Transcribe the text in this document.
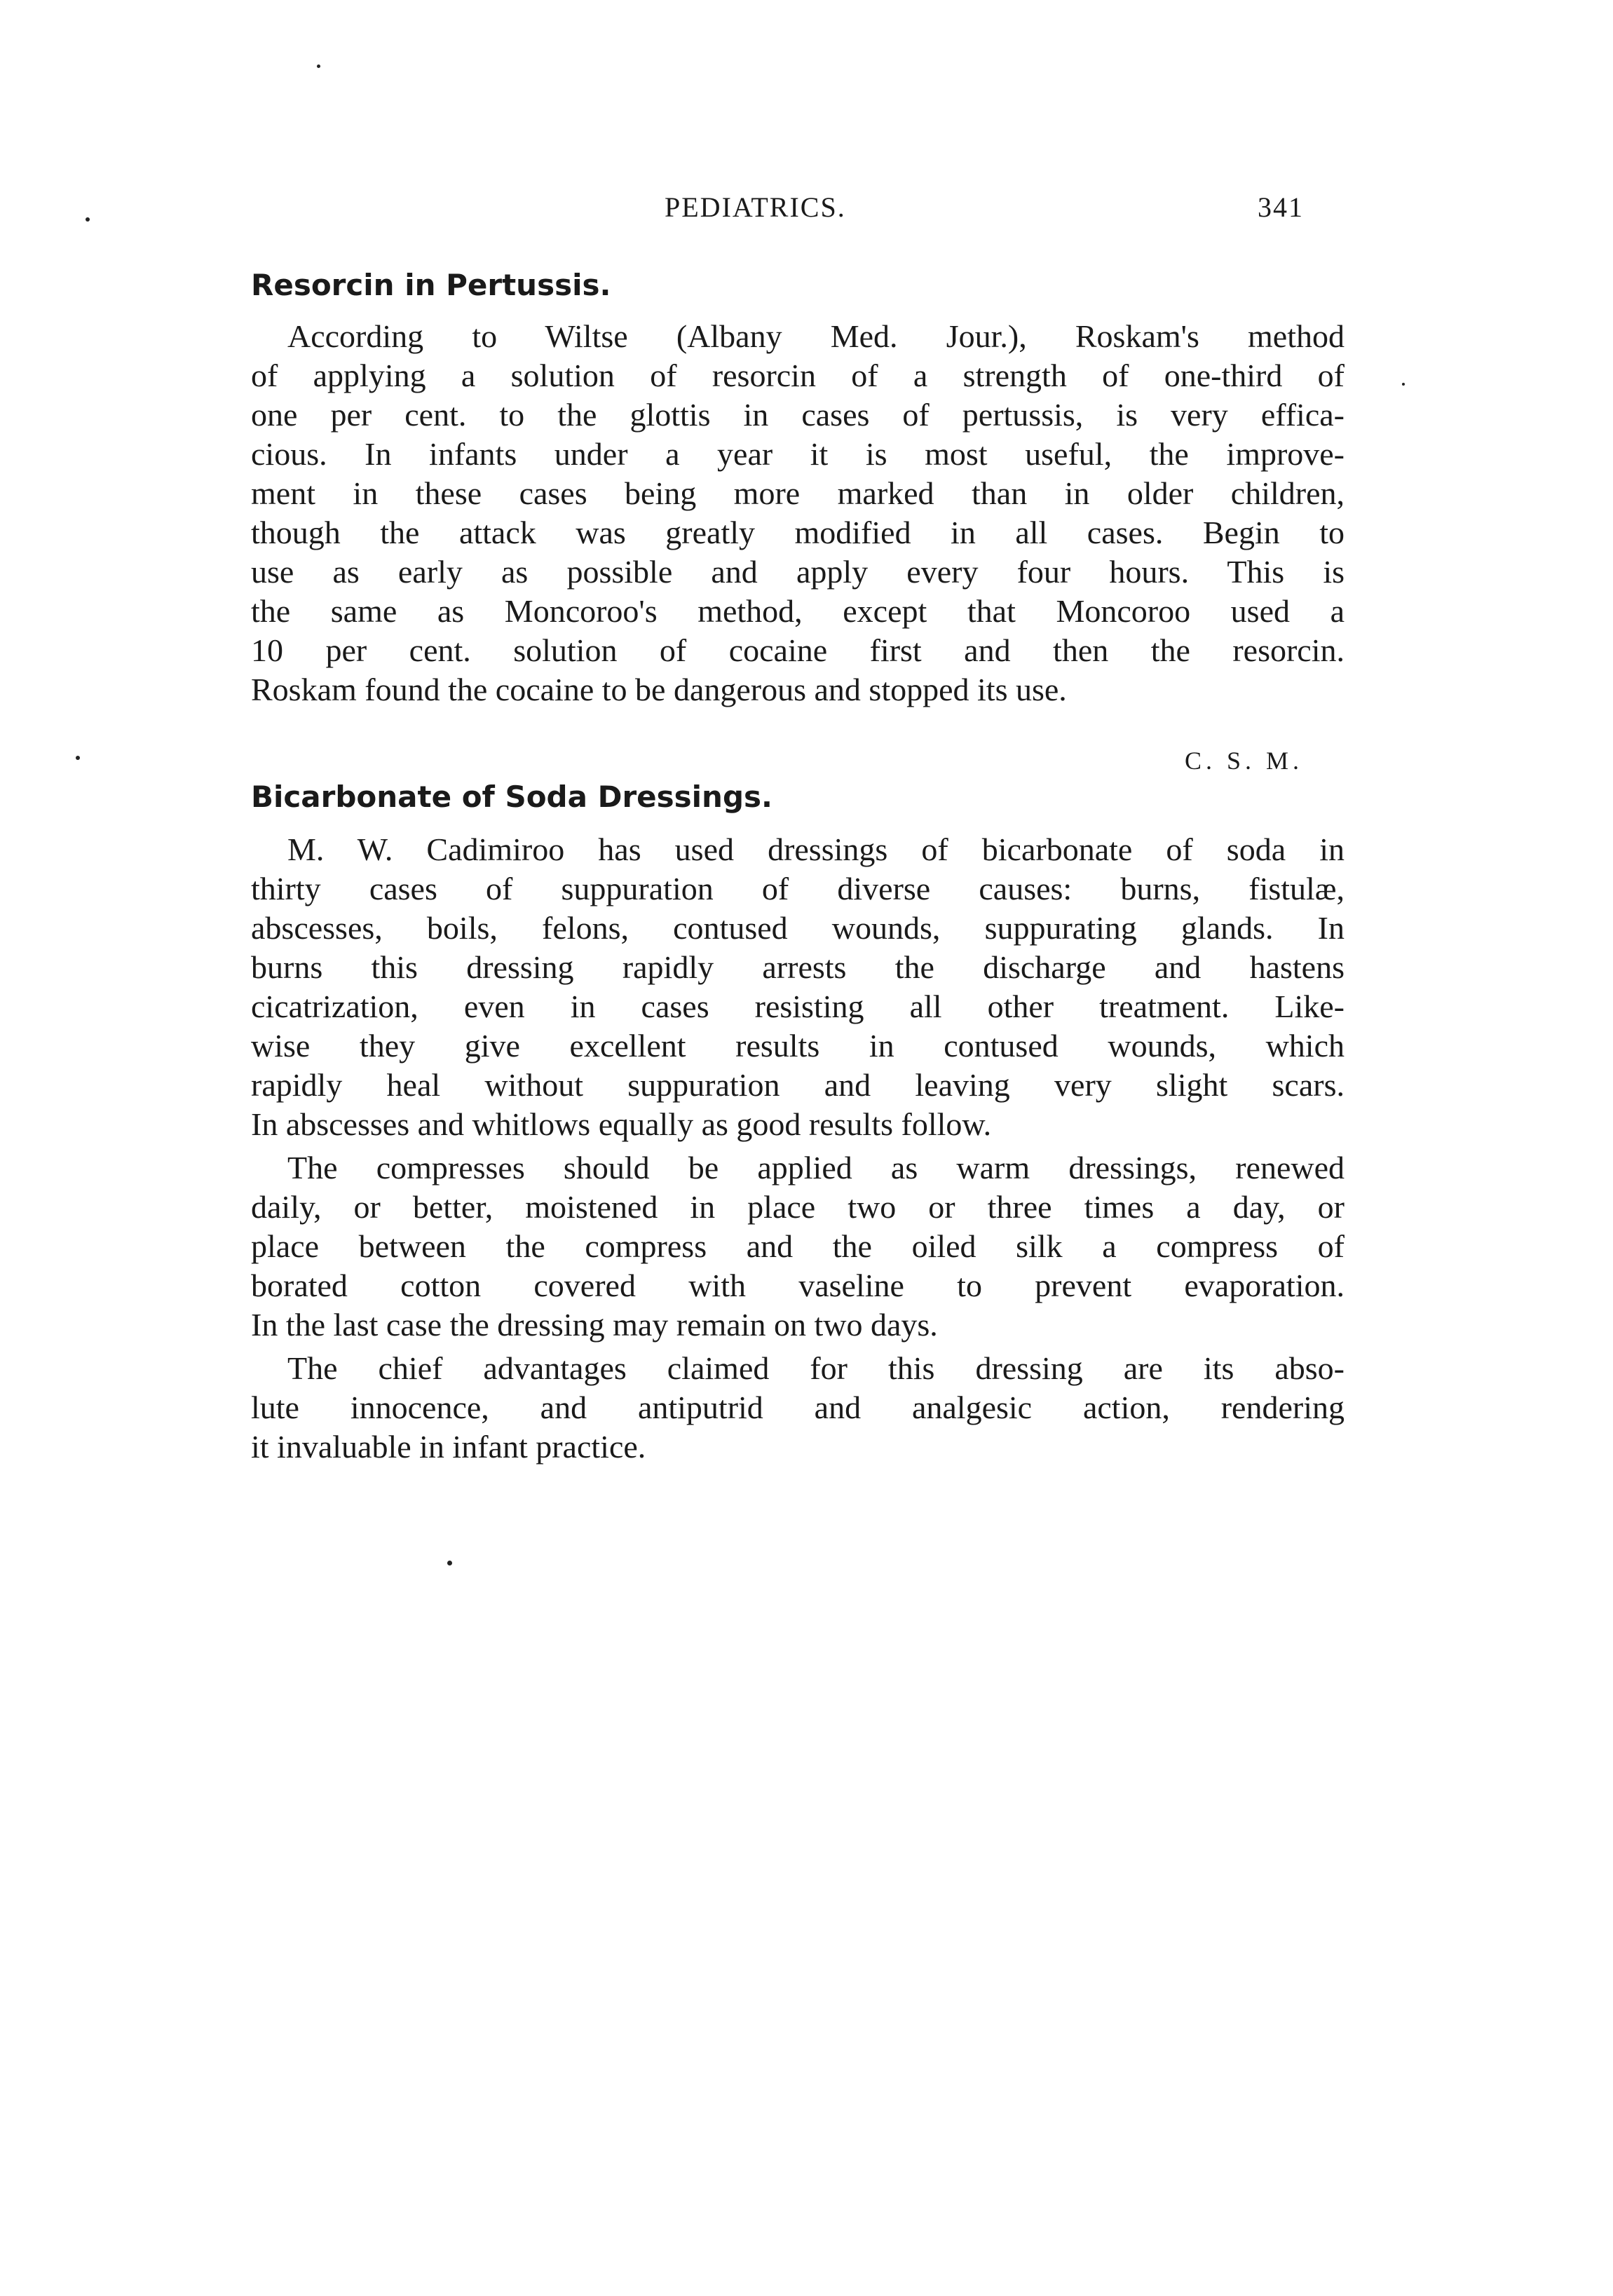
PEDIATRICS.	341
Resorcin in Pertussis.
According to Wiltse (Albany Med. Jour.), Roskam's method
of applying a solution of resorcin of a strength of one-third of
one per cent. to the glottis in cases of pertussis, is very effica-
cious. In infants under a year it is most useful, the improve-
ment in these cases being more marked than in older children,
though the attack was greatly modified in all cases. Begin to
use as early as possible and apply every four hours. This is
the same as Moncoroo's method, except that Moncoroo used a
10 per cent. solution of cocaine first and then the resorcin.
Roskam found the cocaine to be dangerous and stopped its use.
C. S. M.
Bicarbonate of Soda Dressings.
M. W. Cadimiroo has used dressings of bicarbonate of soda in
thirty cases of suppuration of diverse causes: burns, fistulæ,
abscesses, boils, felons, contused wounds, suppurating glands. In
burns this dressing rapidly arrests the discharge and hastens
cicatrization, even in cases resisting all other treatment. Like-
wise they give excellent results in contused wounds, which
rapidly heal without suppuration and leaving very slight scars.
In abscesses and whitlows equally as good results follow.
The compresses should be applied as warm dressings, renewed
daily, or better, moistened in place two or three times a day, or
place between the compress and the oiled silk a compress of
borated cotton covered with vaseline to prevent evaporation.
In the last case the dressing may remain on two days.
The chief advantages claimed for this dressing are its abso-
lute innocence, and antiputrid and analgesic action, rendering
it invaluable in infant practice.
